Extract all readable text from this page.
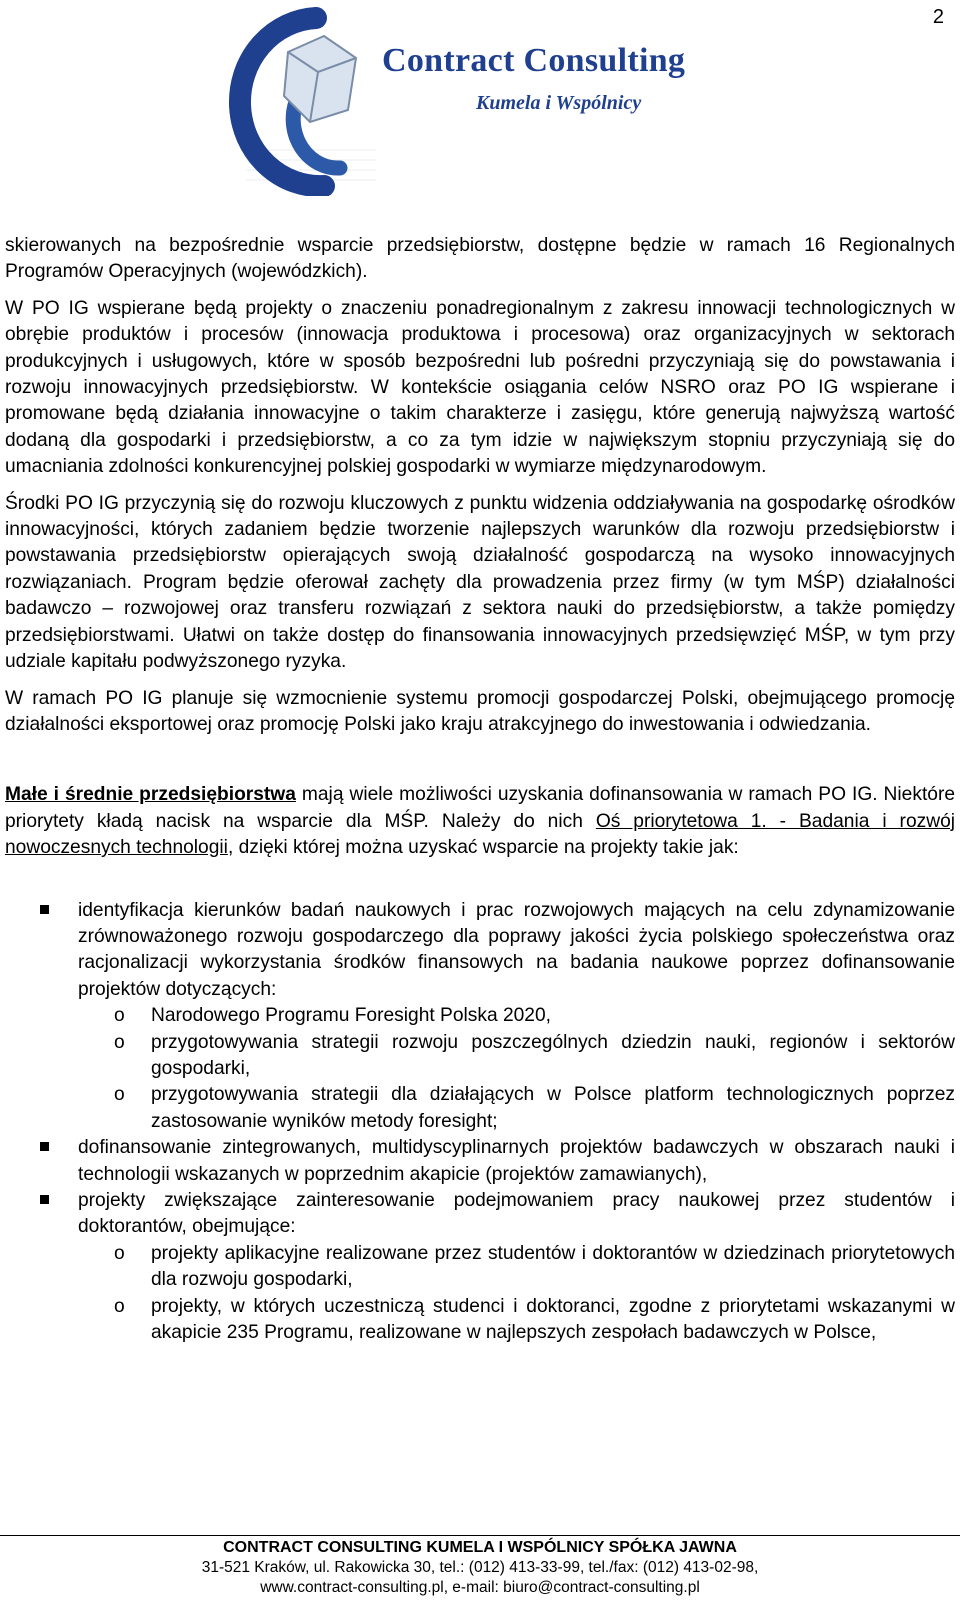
2
Contract Consulting
Kumela i Wspólnicy

skierowanych na bezpośrednie wsparcie przedsiębiorstw, dostępne będzie w ramach 16 Regionalnych Programów Operacyjnych (wojewódzkich).

W PO IG wspierane będą projekty o znaczeniu ponadregionalnym z zakresu innowacji technologicznych w obrębie produktów i procesów (innowacja produktowa i procesowa) oraz organizacyjnych w sektorach produkcyjnych i usługowych, które w sposób bezpośredni lub pośredni przyczyniają się do powstawania i rozwoju innowacyjnych przedsiębiorstw. W kontekście osiągania celów NSRO oraz PO IG wspierane i promowane będą działania innowacyjne o takim charakterze i zasięgu, które generują najwyższą wartość dodaną dla gospodarki i przedsiębiorstw, a co za tym idzie w największym stopniu przyczyniają się do umacniania zdolności konkurencyjnej polskiej gospodarki w wymiarze międzynarodowym.

Środki PO IG przyczynią się do rozwoju kluczowych z punktu widzenia oddziaływania na gospodarkę ośrodków innowacyjności, których zadaniem będzie tworzenie najlepszych warunków dla rozwoju przedsiębiorstw i powstawania przedsiębiorstw opierających swoją działalność gospodarczą na wysoko innowacyjnych rozwiązaniach. Program będzie oferował zachęty dla prowadzenia przez firmy (w tym MŚP) działalności badawczo – rozwojowej oraz transferu rozwiązań z sektora nauki do przedsiębiorstw, a także pomiędzy przedsiębiorstwami. Ułatwi on także dostęp do finansowania innowacyjnych przedsięwzięć MŚP, w tym przy udziale kapitału podwyższonego ryzyka.

W ramach PO IG planuje się wzmocnienie systemu promocji gospodarczej Polski, obejmującego promocję działalności eksportowej oraz promocję Polski jako kraju atrakcyjnego do inwestowania i odwiedzania.

Małe i średnie przedsiębiorstwa mają wiele możliwości uzyskania dofinansowania w ramach PO IG. Niektóre priorytety kładą nacisk na wsparcie dla MŚP. Należy do nich Oś priorytetowa 1. - Badania i rozwój nowoczesnych technologii, dzięki której można uzyskać wsparcie na projekty takie jak:

identyfikacja kierunków badań naukowych i prac rozwojowych mających na celu zdynamizowanie zrównoważonego rozwoju gospodarczego dla poprawy jakości życia polskiego społeczeństwa oraz racjonalizacji wykorzystania środków finansowych na badania naukowe poprzez dofinansowanie projektów dotyczących:
o Narodowego Programu Foresight Polska 2020,
o przygotowywania strategii rozwoju poszczególnych dziedzin nauki, regionów i sektorów gospodarki,
o przygotowywania strategii dla działających w Polsce platform technologicznych poprzez zastosowanie wyników metody foresight;
dofinansowanie zintegrowanych, multidyscyplinarnych projektów badawczych w obszarach nauki i technologii wskazanych w poprzednim akapicie (projektów zamawianych),
projekty zwiększające zainteresowanie podejmowaniem pracy naukowej przez studentów i doktorantów, obejmujące:
o projekty aplikacyjne realizowane przez studentów i doktorantów w dziedzinach priorytetowych dla rozwoju gospodarki,
o projekty, w których uczestniczą studenci i doktoranci, zgodne z priorytetami wskazanymi w akapicie 235 Programu, realizowane w najlepszych zespołach badawczych w Polsce,
CONTRACT CONSULTING KUMELA I WSPÓLNICY SPÓŁKA JAWNA
31-521 Kraków, ul. Rakowicka 30, tel.: (012) 413-33-99, tel./fax: (012) 413-02-98,
www.contract-consulting.pl, e-mail: biuro@contract-consulting.pl
